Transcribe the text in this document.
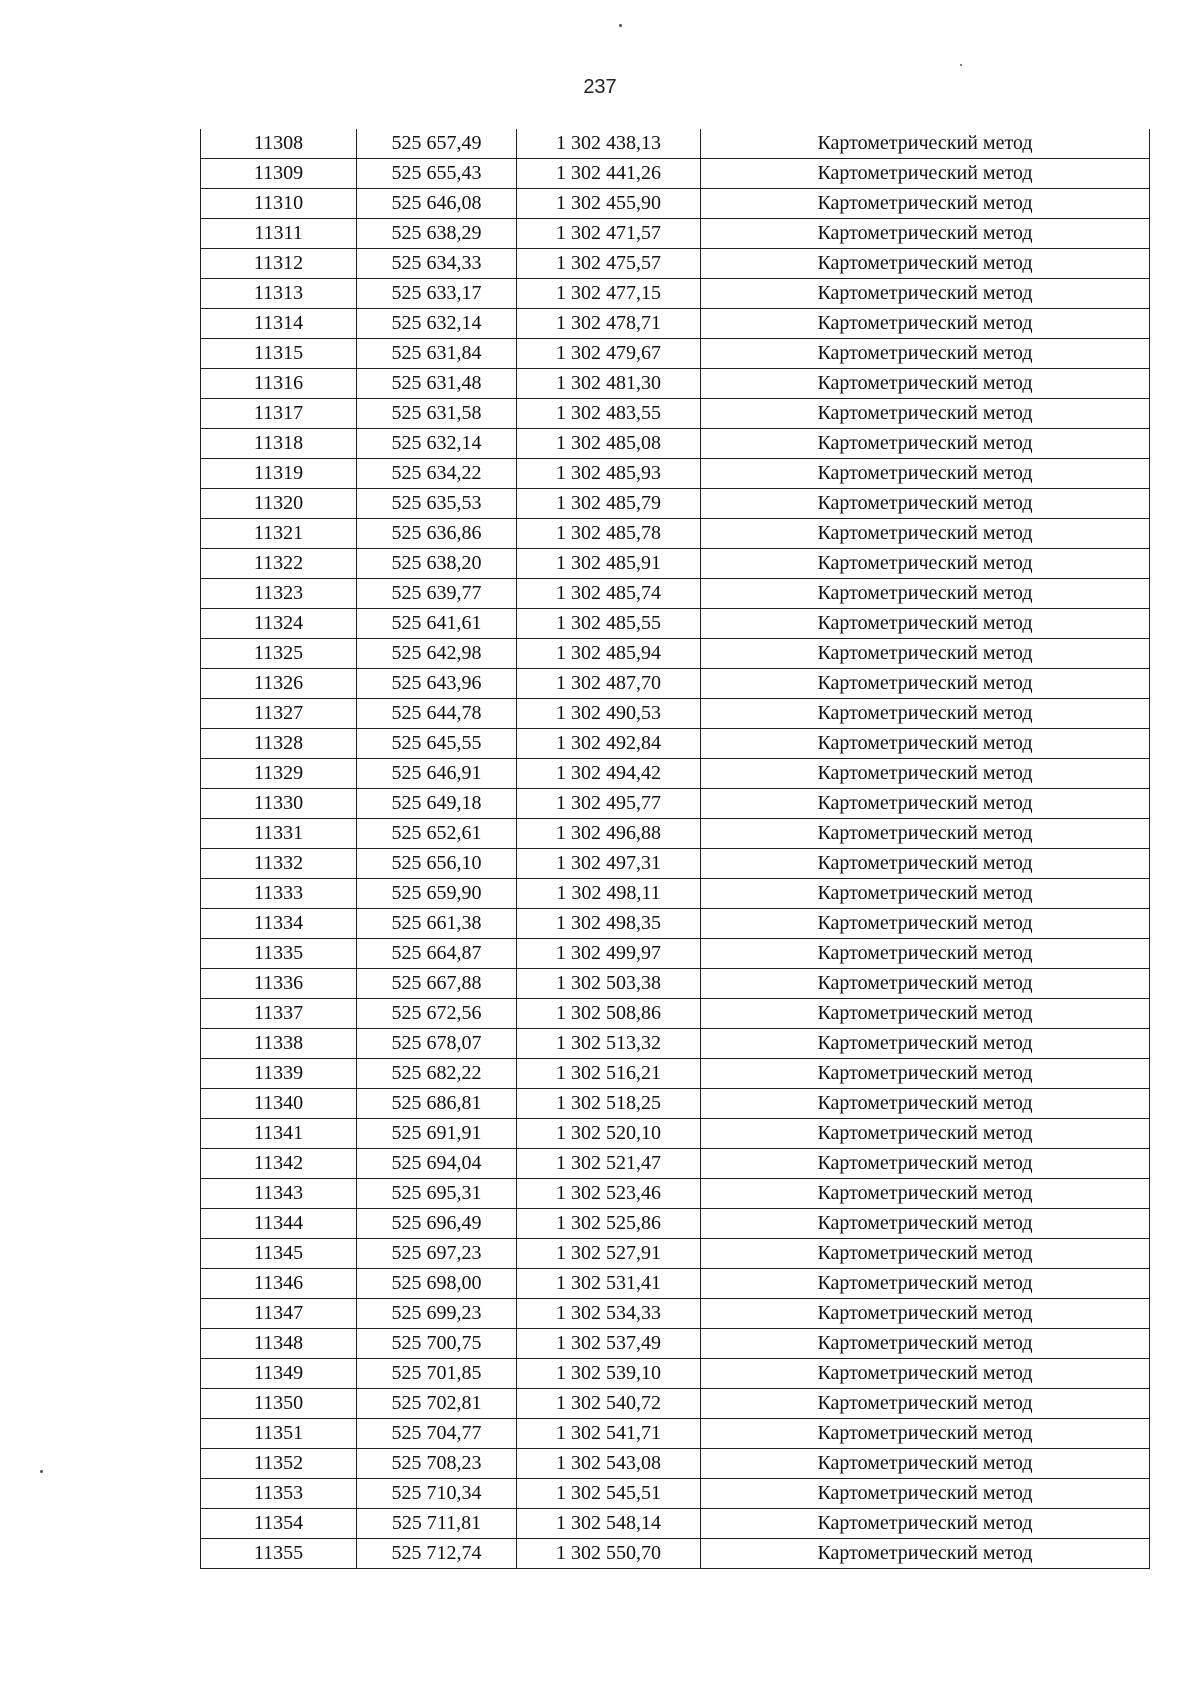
237
11308	525 657,49	1 302 438,13	Картометрический метод
11309	525 655,43	1 302 441,26	Картометрический метод
11310	525 646,08	1 302 455,90	Картометрический метод
11311	525 638,29	1 302 471,57	Картометрический метод
11312	525 634,33	1 302 475,57	Картометрический метод
11313	525 633,17	1 302 477,15	Картометрический метод
11314	525 632,14	1 302 478,71	Картометрический метод
11315	525 631,84	1 302 479,67	Картометрический метод
11316	525 631,48	1 302 481,30	Картометрический метод
11317	525 631,58	1 302 483,55	Картометрический метод
11318	525 632,14	1 302 485,08	Картометрический метод
11319	525 634,22	1 302 485,93	Картометрический метод
11320	525 635,53	1 302 485,79	Картометрический метод
11321	525 636,86	1 302 485,78	Картометрический метод
11322	525 638,20	1 302 485,91	Картометрический метод
11323	525 639,77	1 302 485,74	Картометрический метод
11324	525 641,61	1 302 485,55	Картометрический метод
11325	525 642,98	1 302 485,94	Картометрический метод
11326	525 643,96	1 302 487,70	Картометрический метод
11327	525 644,78	1 302 490,53	Картометрический метод
11328	525 645,55	1 302 492,84	Картометрический метод
11329	525 646,91	1 302 494,42	Картометрический метод
11330	525 649,18	1 302 495,77	Картометрический метод
11331	525 652,61	1 302 496,88	Картометрический метод
11332	525 656,10	1 302 497,31	Картометрический метод
11333	525 659,90	1 302 498,11	Картометрический метод
11334	525 661,38	1 302 498,35	Картометрический метод
11335	525 664,87	1 302 499,97	Картометрический метод
11336	525 667,88	1 302 503,38	Картометрический метод
11337	525 672,56	1 302 508,86	Картометрический метод
11338	525 678,07	1 302 513,32	Картометрический метод
11339	525 682,22	1 302 516,21	Картометрический метод
11340	525 686,81	1 302 518,25	Картометрический метод
11341	525 691,91	1 302 520,10	Картометрический метод
11342	525 694,04	1 302 521,47	Картометрический метод
11343	525 695,31	1 302 523,46	Картометрический метод
11344	525 696,49	1 302 525,86	Картометрический метод
11345	525 697,23	1 302 527,91	Картометрический метод
11346	525 698,00	1 302 531,41	Картометрический метод
11347	525 699,23	1 302 534,33	Картометрический метод
11348	525 700,75	1 302 537,49	Картометрический метод
11349	525 701,85	1 302 539,10	Картометрический метод
11350	525 702,81	1 302 540,72	Картометрический метод
11351	525 704,77	1 302 541,71	Картометрический метод
11352	525 708,23	1 302 543,08	Картометрический метод
11353	525 710,34	1 302 545,51	Картометрический метод
11354	525 711,81	1 302 548,14	Картометрический метод
11355	525 712,74	1 302 550,70	Картометрический метод
